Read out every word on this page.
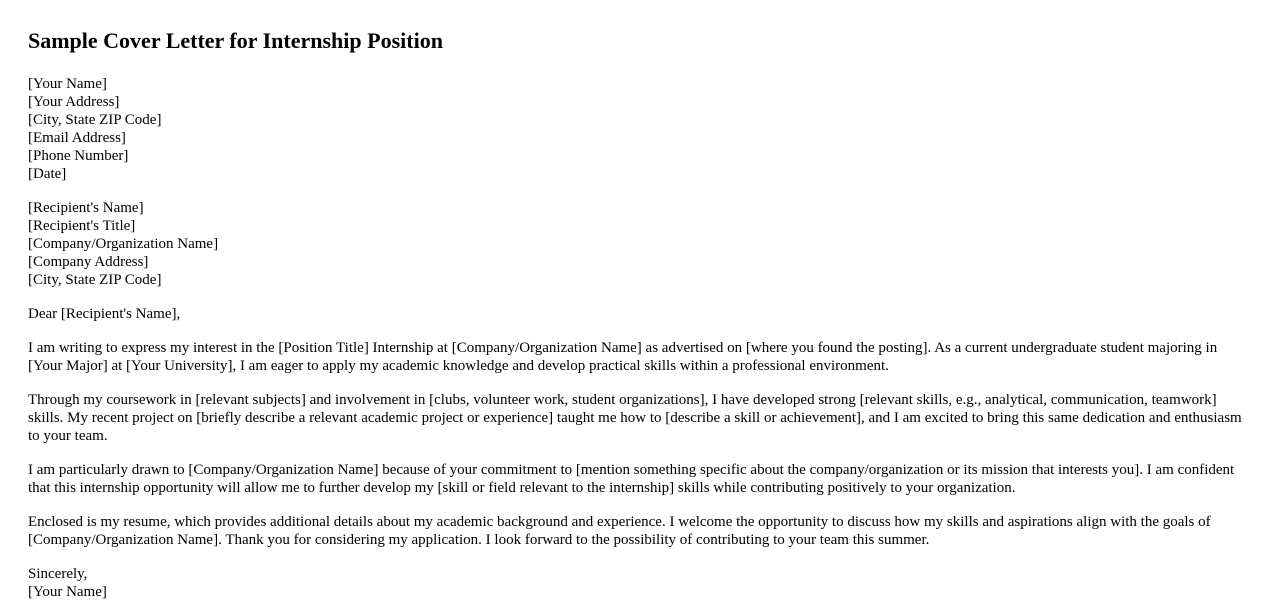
Sample Cover Letter for Internship Position
[Your Name]
[Your Address]
[City, State ZIP Code]
[Email Address]
[Phone Number]
[Date]
[Recipient's Name]
[Recipient's Title]
[Company/Organization Name]
[Company Address]
[City, State ZIP Code]
Dear [Recipient's Name],
I am writing to express my interest in the [Position Title] Internship at [Company/Organization Name] as advertised on [where you found the posting]. As a current undergraduate student majoring in [Your Major] at [Your University], I am eager to apply my academic knowledge and develop practical skills within a professional environment.
Through my coursework in [relevant subjects] and involvement in [clubs, volunteer work, student organizations], I have developed strong [relevant skills, e.g., analytical, communication, teamwork] skills. My recent project on [briefly describe a relevant academic project or experience] taught me how to [describe a skill or achievement], and I am excited to bring this same dedication and enthusiasm to your team.
I am particularly drawn to [Company/Organization Name] because of your commitment to [mention something specific about the company/organization or its mission that interests you]. I am confident that this internship opportunity will allow me to further develop my [skill or field relevant to the internship] skills while contributing positively to your organization.
Enclosed is my resume, which provides additional details about my academic background and experience. I welcome the opportunity to discuss how my skills and aspirations align with the goals of [Company/Organization Name]. Thank you for considering my application. I look forward to the possibility of contributing to your team this summer.
Sincerely,
[Your Name]
